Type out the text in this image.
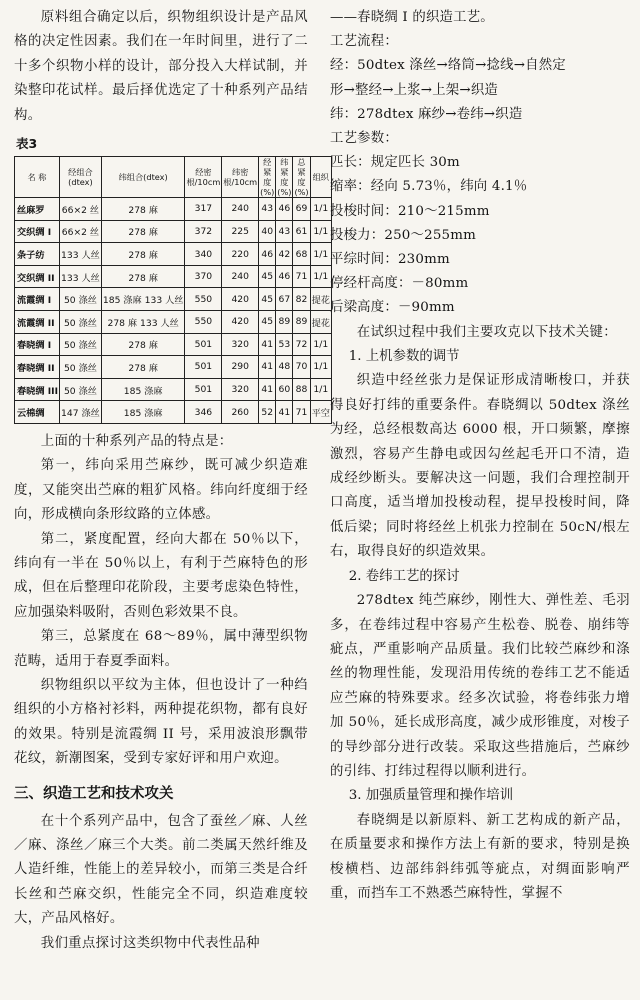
原料组合确定以后，织物组织设计是产品风格的决定性因素。我们在一年时间里，进行了二十多个织物小样的设计，部分投入大样试制，并染整印花试样。最后择优选定了十种系列产品结构。

表3
名 称	经组合(dtex)	纬组合(dtex)	经密根/10cm	纬密根/10cm	经紧度(%)	纬紧度(%)	总紧度(%)	组织
丝麻罗	66×2 丝	278 麻	317	240	43	46	69	1/1
交织绸 I	66×2 丝	278 麻	372	225	40	43	61	1/1
条子纺	133 人丝	278 麻	340	220	46	42	68	1/1
交织绸 II	133 人丝	278 麻	370	240	45	46	71	1/1
流霞绸 I	50 涤丝	185 涤麻 133 人丝	550	420	45	67	82	提花
流霞绸 II	50 涤丝	278 麻 133 人丝	550	420	45	89	89	提花
春晓绸 I	50 涤丝	278 麻	501	320	41	53	72	1/1
春晓绸 II	50 涤丝	278 麻	501	290	41	48	70	1/1
春晓绸 III	50 涤丝	185 涤麻	501	320	41	60	88	1/1
云棉绸	147 涤丝	185 涤麻	346	260	52	41	71	平空

上面的十种系列产品的特点是：

第一，纬向采用苎麻纱，既可减少织造难度，又能突出苎麻的粗犷风格。纬向纤度细于经向，形成横向条形纹路的立体感。

第二，紧度配置，经向大都在 50％以下，纬向有一半在 50％以上，有利于苎麻特色的形成，但在后整理印花阶段，主要考虑染色特性，应加强染料吸附，否则色彩效果不良。

第三，总紧度在 68～89％，属中薄型织物范畴，适用于春夏季面料。

织物组织以平纹为主体，但也设计了一种绉组织的小方格衬衫料，两种提花织物，都有良好的效果。特别是流霞绸 II 号，采用波浪形飘带花纹，新潮图案，受到专家好评和用户欢迎。

三、织造工艺和技术攻关

在十个系列产品中，包含了蚕丝／麻、人丝／麻、涤丝／麻三个大类。前二类属天然纤维及人造纤维，性能上的差异较小，而第三类是合纤长丝和苎麻交织，性能完全不同，织造难度较大，产品风格好。

我们重点探讨这类织物中代表性品种

——春晓绸 I 的织造工艺。
工艺流程：
经：50dtex 涤丝→络筒→捻线→自然定
形→整经→上浆→上架→织造
纬：278dtex 麻纱→卷纬→织造
工艺参数：
匹长：规定匹长 30m
缩率：经向 5.73％，纬向 4.1％
投梭时间：210～215mm
投梭力：250～255mm
平综时间：230mm
停经杆高度：－80mm
后梁高度：－90mm

在试织过程中我们主要攻克以下技术关键：

1. 上机参数的调节

织造中经丝张力是保证形成清晰梭口，并获得良好打纬的重要条件。春晓绸以 50dtex 涤丝为经，总经根数高达 6000 根，开口频繁，摩擦激烈，容易产生静电或因勾丝起毛开口不清，造成经纱断头。要解决这一问题，我们合理控制开口高度，适当增加投梭动程，提早投梭时间，降低后梁；同时将经丝上机张力控制在 50cN/根左右，取得良好的织造效果。

2. 卷纬工艺的探讨

278dtex 纯苎麻纱，刚性大、弹性差、毛羽多，在卷纬过程中容易产生松卷、脱卷、崩纬等疵点，严重影响产品质量。我们比较苎麻纱和涤丝的物理性能，发现沿用传统的卷纬工艺不能适应苎麻的特殊要求。经多次试验，将卷纬张力增加 50％，延长成形高度，减少成形锥度，对梭子的导纱部分进行改装。采取这些措施后，苎麻纱的引纬、打纬过程得以顺利进行。

3. 加强质量管理和操作培训

春晓绸是以新原料、新工艺构成的新产品，在质量要求和操作方法上有新的要求，特别是换梭横档、边部纬斜纬弧等疵点，对绸面影响严重，而挡车工不熟悉苎麻特性，掌握不
